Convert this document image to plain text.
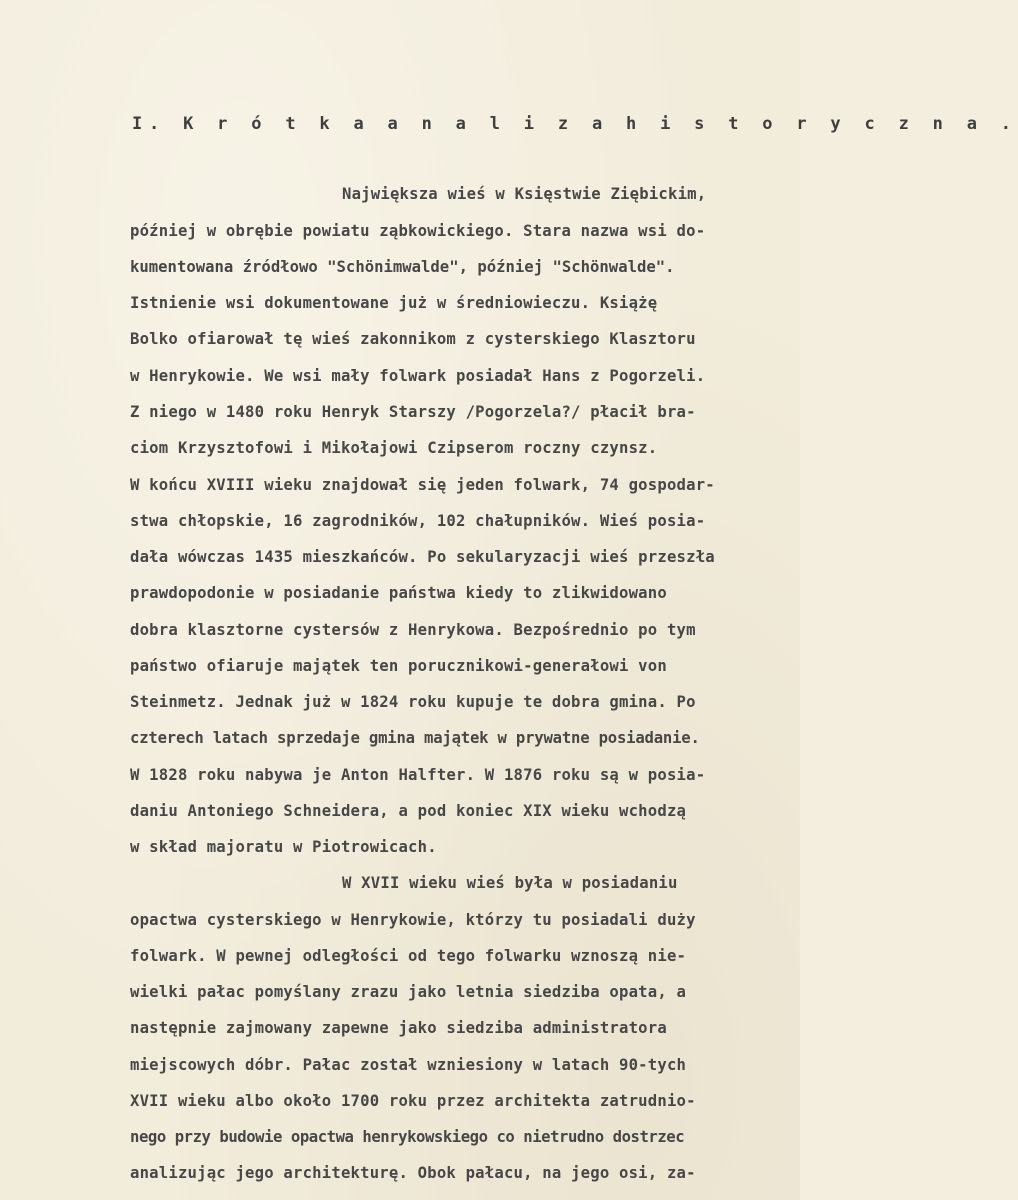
I. K r ó t k a a n a l i z a h i s t o r y c z n a .
Największa wieś w Księstwie Ziębickim,
później w obrębie powiatu ząbkowickiego. Stara nazwa wsi do-
kumentowana źródłowo "Schönimwalde", później "Schönwalde".
Istnienie wsi dokumentowane już w średniowieczu. Książę
Bolko ofiarował tę wieś zakonnikom z cysterskiego Klasztoru
w Henrykowie. We wsi mały folwark posiadał Hans z Pogorzeli.
Z niego w 1480 roku Henryk Starszy /Pogorzela?/ płacił bra-
ciom Krzysztofowi i Mikołajowi Czipserom roczny czynsz.
W końcu XVIII wieku znajdował się jeden folwark, 74 gospodar-
stwa chłopskie, 16 zagrodników, 102 chałupników. Wieś posia-
dała wówczas 1435 mieszkańców. Po sekularyzacji wieś przeszła
prawdopodonie w posiadanie państwa kiedy to zlikwidowano
dobra klasztorne cystersów z Henrykowa. Bezpośrednio po tym
państwo ofiaruje majątek ten porucznikowi-generałowi von
Steinmetz. Jednak już w 1824 roku kupuje te dobra gmina. Po
czterech latach sprzedaje gmina majątek w prywatne posiadanie.
W 1828 roku nabywa je Anton Halfter. W 1876 roku są w posia-
daniu Antoniego Schneidera, a pod koniec XIX wieku wchodzą
w skład majoratu w Piotrowicach.
W XVII wieku wieś była w posiadaniu
opactwa cysterskiego w Henrykowie, którzy tu posiadali duży
folwark. W pewnej odległości od tego folwarku wznoszą nie-
wielki pałac pomyślany zrazu jako letnia siedziba opata, a
następnie zajmowany zapewne jako siedziba administratora
miejscowych dóbr. Pałac został wzniesiony w latach 90-tych
XVII wieku albo około 1700 roku przez architekta zatrudnio-
nego przy budowie opactwa henrykowskiego co nietrudno dostrzec
analizując jego architekturę. Obok pałacu, na jego osi, za-
